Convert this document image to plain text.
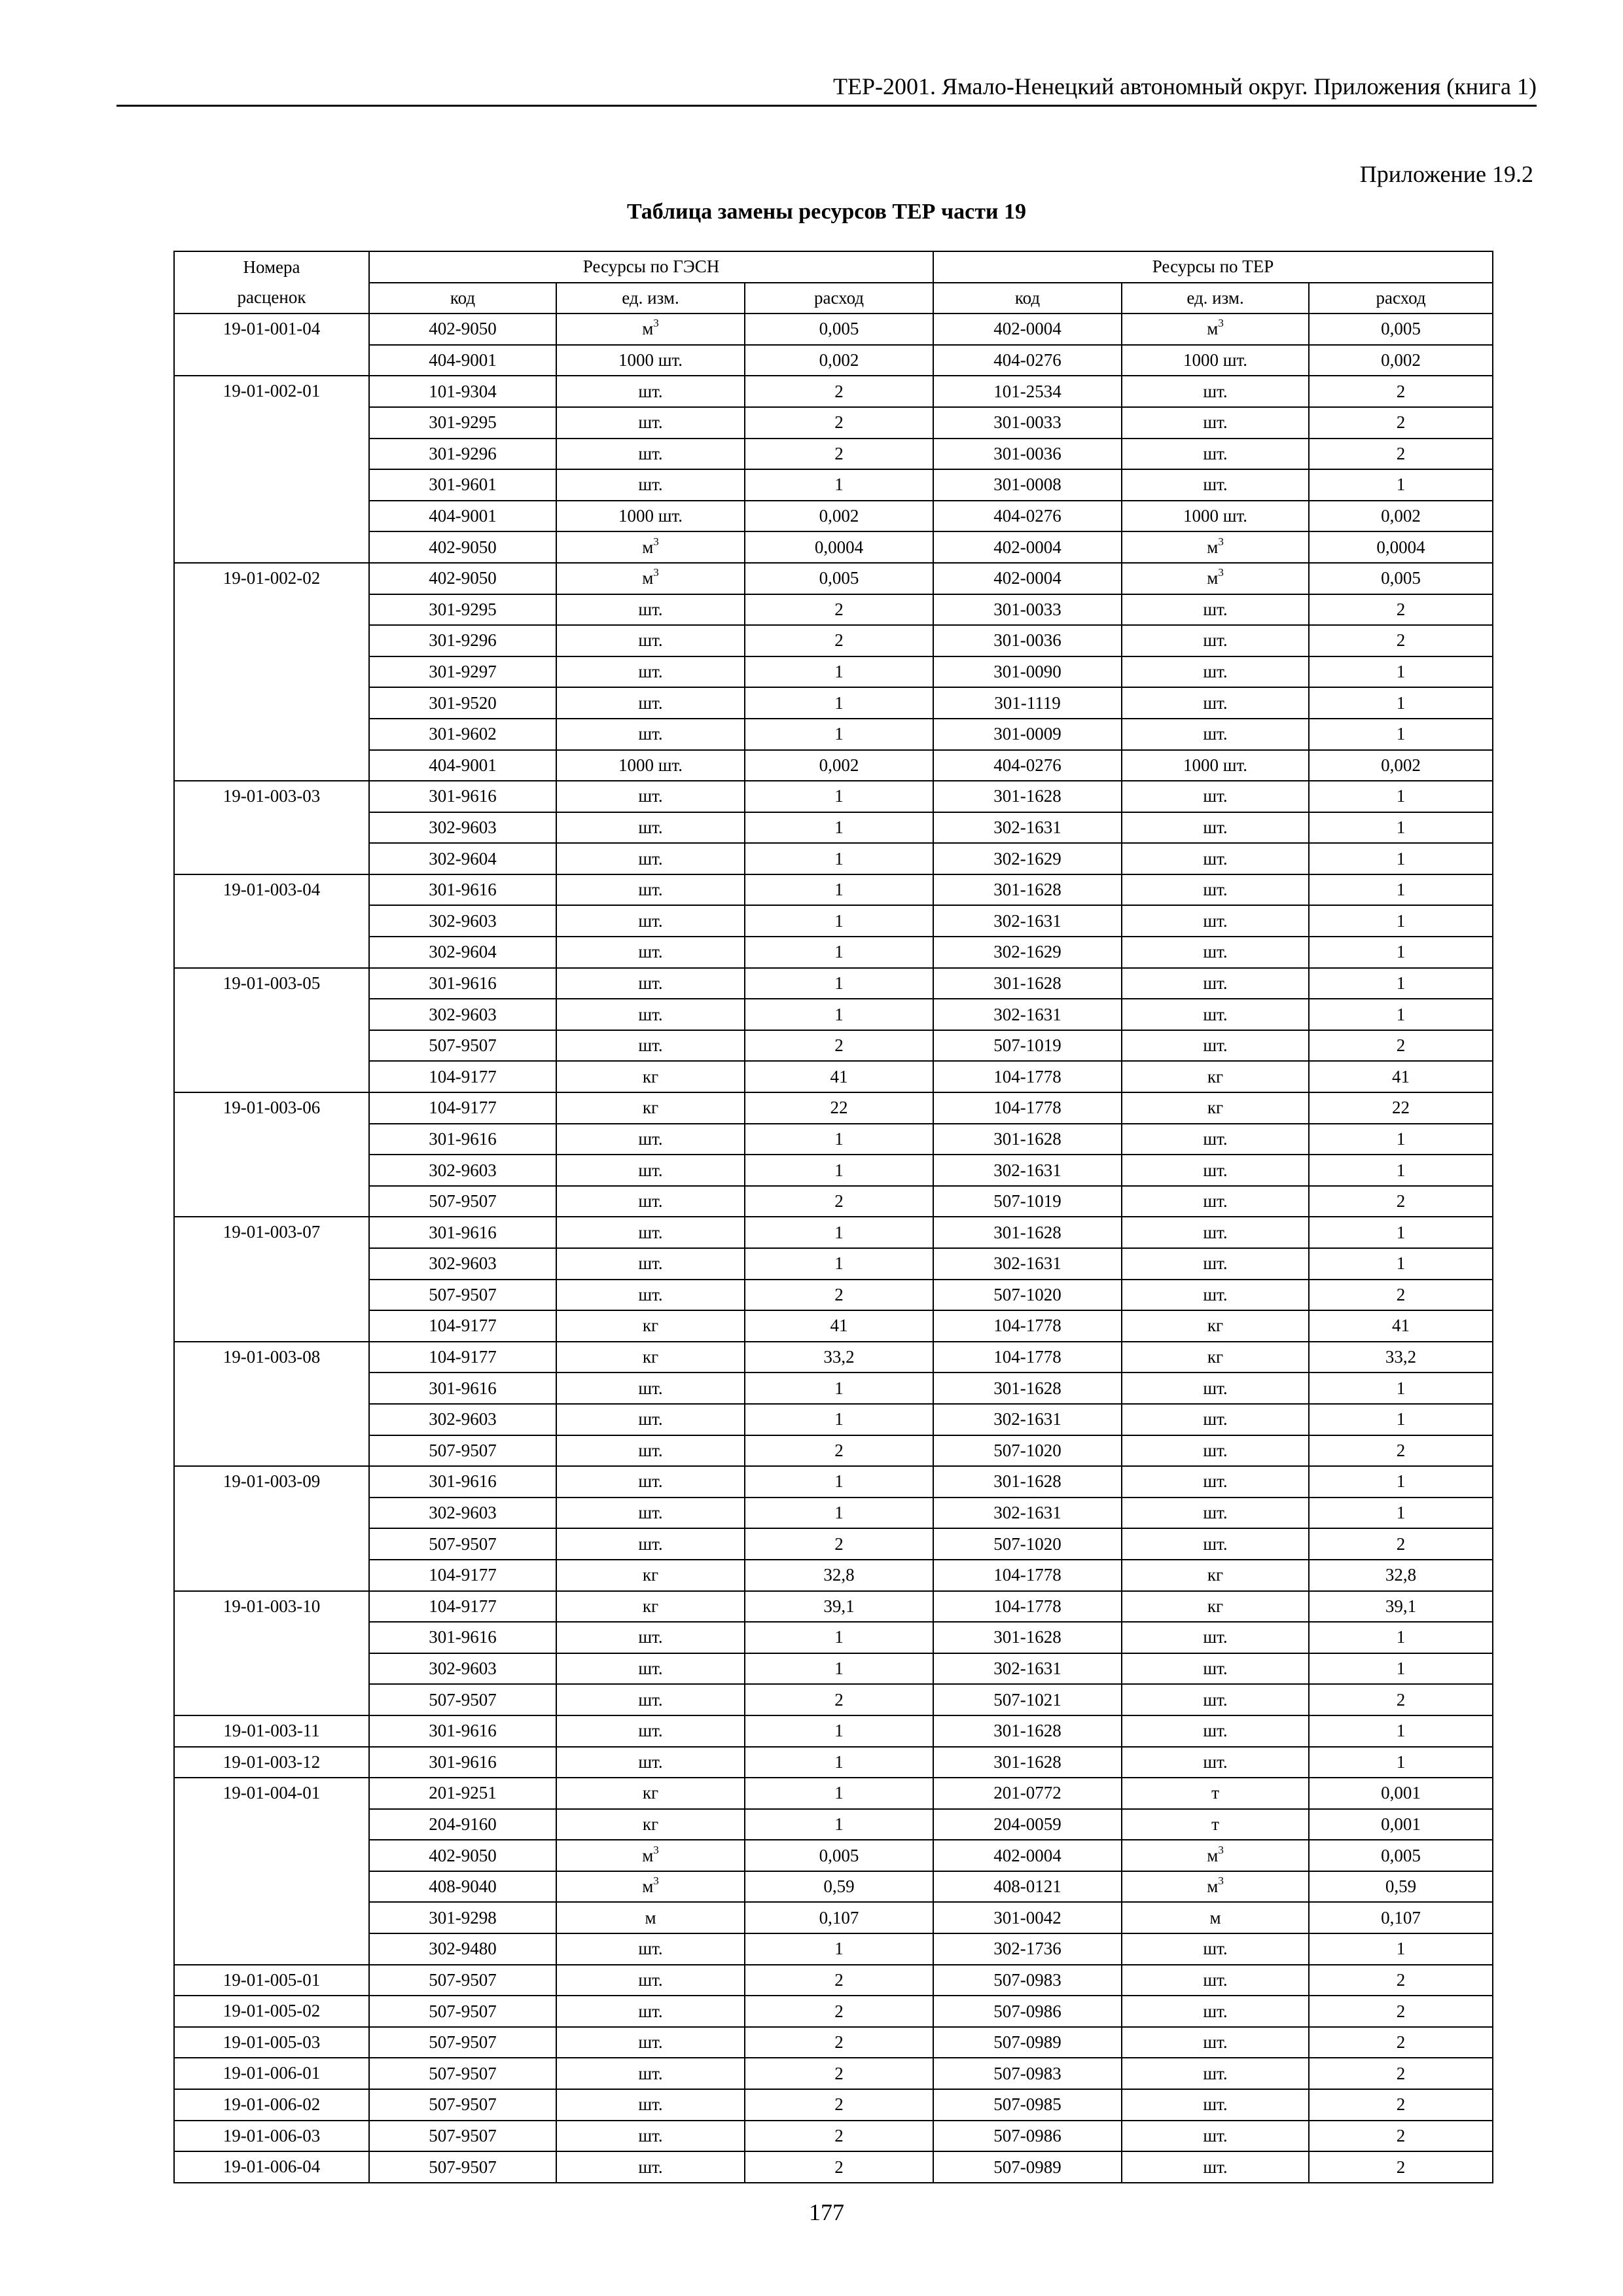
ТЕР-2001. Ямало-Ненецкий автономный округ. Приложения (книга 1)
Приложение 19.2
Таблица замены ресурсов ТЕР части 19
Номера	Ресурсы по ГЭСН			Ресурсы по ТЕР		
расценок	код	ед. изм.	расход	код	ед. изм.	расход
19-01-001-04	402-9050	$м^3$	0,005	402-0004	$м^3$	0,005
	404-9001	1000 шт.	0,002	404-0276	1000 шт.	0,002
19-01-002-01	101-9304	шт.	2	101-2534	шт.	2
	301-9295	шт.	2	301-0033	шт.	2
	301-9296	шт.	2	301-0036	шт.	2
	301-9601	шт.	1	301-0008	шт.	1
	404-9001	1000 шт.	0,002	404-0276	1000 шт.	0,002
	402-9050	$м^3$	0,0004	402-0004	$м^3$	0,0004
19-01-002-02	402-9050	$м^3$	0,005	402-0004	$м^3$	0,005
	301-9295	шт.	2	301-0033	шт.	2
	301-9296	шт.	2	301-0036	шт.	2
	301-9297	шт.	1	301-0090	шт.	1
	301-9520	шт.	1	301-1119	шт.	1
	301-9602	шт.	1	301-0009	шт.	1
	404-9001	1000 шт.	0,002	404-0276	1000 шт.	0,002
19-01-003-03	301-9616	шт.	1	301-1628	шт.	1
	302-9603	шт.	1	302-1631	шт.	1
	302-9604	шт.	1	302-1629	шт.	1
19-01-003-04	301-9616	шт.	1	301-1628	шт.	1
	302-9603	шт.	1	302-1631	шт.	1
	302-9604	шт.	1	302-1629	шт.	1
19-01-003-05	301-9616	шт.	1	301-1628	шт.	1
	302-9603	шт.	1	302-1631	шт.	1
	507-9507	шт.	2	507-1019	шт.	2
	104-9177	кг	41	104-1778	кг	41
19-01-003-06	104-9177	кг	22	104-1778	кг	22
	301-9616	шт.	1	301-1628	шт.	1
	302-9603	шт.	1	302-1631	шт.	1
	507-9507	шт.	2	507-1019	шт.	2
19-01-003-07	301-9616	шт.	1	301-1628	шт.	1
	302-9603	шт.	1	302-1631	шт.	1
	507-9507	шт.	2	507-1020	шт.	2
	104-9177	кг	41	104-1778	кг	41
19-01-003-08	104-9177	кг	33,2	104-1778	кг	33,2
	301-9616	шт.	1	301-1628	шт.	1
	302-9603	шт.	1	302-1631	шт.	1
	507-9507	шт.	2	507-1020	шт.	2
19-01-003-09	301-9616	шт.	1	301-1628	шт.	1
	302-9603	шт.	1	302-1631	шт.	1
	507-9507	шт.	2	507-1020	шт.	2
	104-9177	кг	32,8	104-1778	кг	32,8
19-01-003-10	104-9177	кг	39,1	104-1778	кг	39,1
	301-9616	шт.	1	301-1628	шт.	1
	302-9603	шт.	1	302-1631	шт.	1
	507-9507	шт.	2	507-1021	шт.	2
19-01-003-11	301-9616	шт.	1	301-1628	шт.	1
19-01-003-12	301-9616	шт.	1	301-1628	шт.	1
19-01-004-01	201-9251	кг	1	201-0772	т	0,001
	204-9160	кг	1	204-0059	т	0,001
	402-9050	$м^3$	0,005	402-0004	$м^3$	0,005
	408-9040	$м^3$	0,59	408-0121	$м^3$	0,59
	301-9298	м	0,107	301-0042	м	0,107
	302-9480	шт.	1	302-1736	шт.	1
19-01-005-01	507-9507	шт.	2	507-0983	шт.	2
19-01-005-02	507-9507	шт.	2	507-0986	шт.	2
19-01-005-03	507-9507	шт.	2	507-0989	шт.	2
19-01-006-01	507-9507	шт.	2	507-0983	шт.	2
19-01-006-02	507-9507	шт.	2	507-0985	шт.	2
19-01-006-03	507-9507	шт.	2	507-0986	шт.	2
19-01-006-04	507-9507	шт.	2	507-0989	шт.	2
177
